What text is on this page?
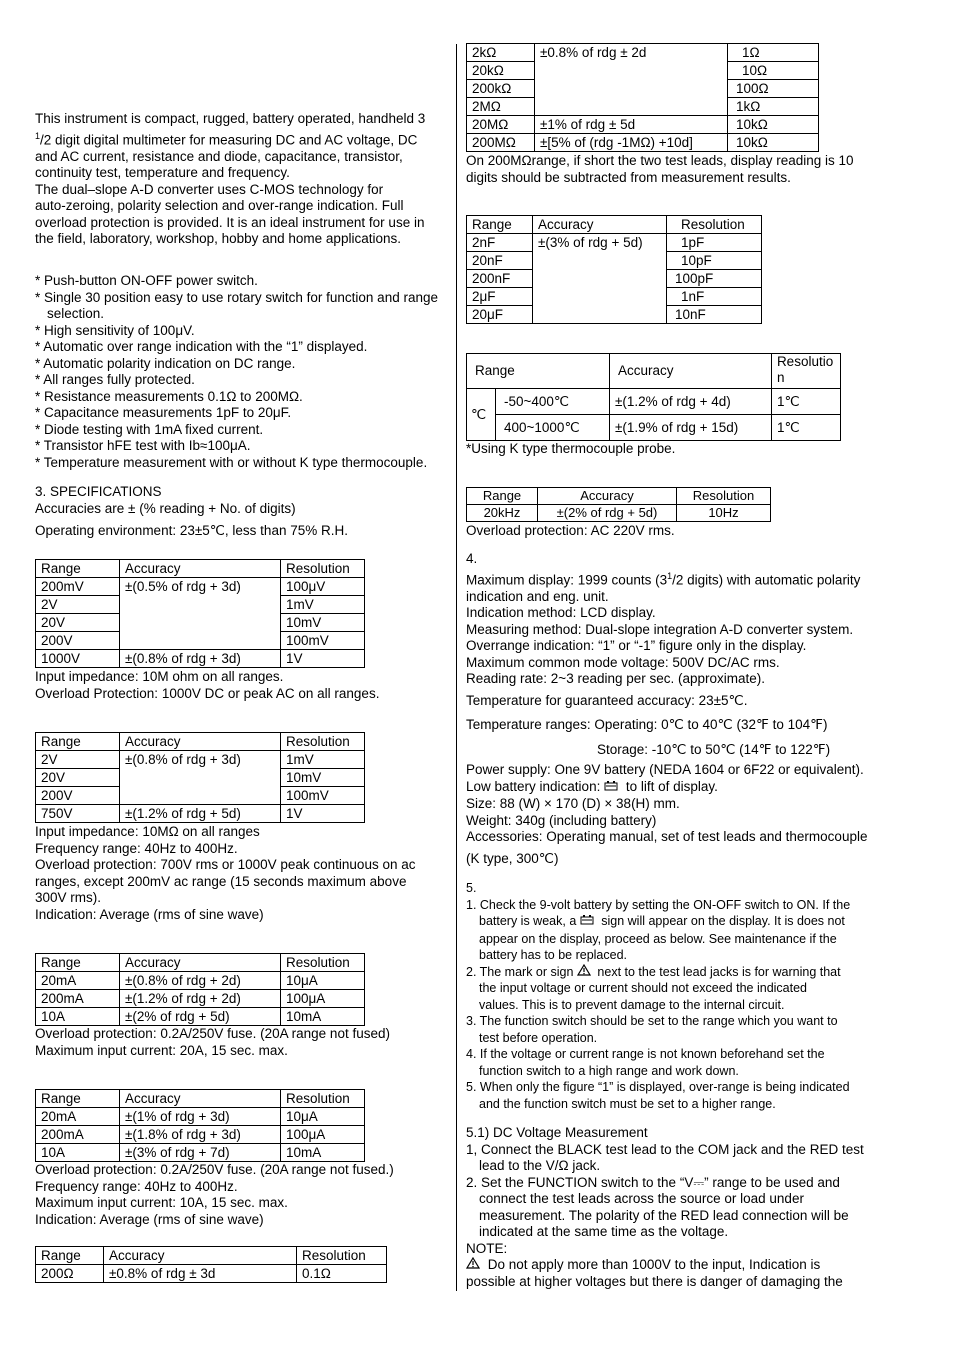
This instrument is compact, rugged, battery operated, handheld 3

$^1$/2 digit digital multimeter for measuring DC and AC voltage, DC

and AC current, resistance and diode, capacitance, transistor,

continuity test, temperature and frequency.

The dual–slope A-D converter uses C-MOS technology for

auto-zeroing, polarity selection and over-range indication. Full

overload protection is provided. It is an ideal instrument for use in

the field, laboratory, workshop, hobby and home applications.

* Push-button ON-OFF power switch.

* Single 30 position easy to use rotary switch for function and range

selection.

* High sensitivity of 100μV.

* Automatic over range indication with the “1” displayed.

* Automatic polarity indication on DC range.

* All ranges fully protected.

* Resistance measurements 0.1Ω to 200MΩ.

* Capacitance measurements 1pF to 20μF.

* Diode testing with 1mA fixed current.

* Transistor hFE test with Ib≈100μA.

* Temperature measurement with or without K type thermocouple.

3. SPECIFICATIONS

Accuracies are ± (% reading + No. of digits)

Operating environment: 23±5℃, less than 75% R.H.

Range	Accuracy	Resolution
200mV	±(0.5% of rdg + 3d)	100μV
2V		1mV
20V		10mV
200V		100mV
1000V	±(0.8% of rdg + 3d)	1V

Input impedance: 10M ohm on all ranges.

Overload Protection: 1000V DC or peak AC on all ranges.

Range	Accuracy	Resolution
2V	±(0.8% of rdg + 3d)	1mV
20V		10mV
200V		100mV
750V	±(1.2% of rdg + 5d)	1V

Input impedance: 10MΩ on all ranges

Frequency range: 40Hz to 400Hz.

Overload protection: 700V rms or 1000V peak continuous on ac

ranges, except 200mV ac range (15 seconds maximum above

300V rms).

Indication: Average (rms of sine wave)

Range	Accuracy	Resolution
20mA	±(0.8% of rdg + 2d)	10μA
200mA	±(1.2% of rdg + 2d)	100μA
10A	±(2% of rdg + 5d)	10mA

Overload protection: 0.2A/250V fuse. (20A range not fused)

Maximum input current: 20A, 15 sec. max.

Range	Accuracy	Resolution
20mA	±(1% of rdg + 3d)	10μA
200mA	±(1.8% of rdg + 3d)	100μA
10A	±(3% of rdg + 7d)	10mA

Overload protection: 0.2A/250V fuse. (20A range not fused.)

Frequency range: 40Hz to 400Hz.

Maximum input current: 10A, 15 sec. max.

Indication: Average (rms of sine wave)

Range	Accuracy	Resolution
200Ω	±0.8% of rdg ± 3d	0.1Ω
2kΩ	±0.8% of rdg ± 2d	1Ω
20kΩ		10Ω
200kΩ		100Ω
2MΩ		1kΩ
20MΩ	±1% of rdg ± 5d	10kΩ
200MΩ	±[5% of (rdg -1MΩ) +10d]	10kΩ

On 200MΩrange, if short the two test leads, display reading is 10

digits should be subtracted from measurement results.

Range	Accuracy	Resolution
2nF	±(3% of rdg + 5d)	1pF
20nF		10pF
200nF		100pF
2μF		1nF
20μF		10nF
Range		Accuracy	Resolutio
n

℃	-50~400℃	±(1.2% of rdg + 4d)	1℃
	400~1000℃	±(1.9% of rdg + 15d)	1℃

*Using K type thermocouple probe.

Range	Accuracy	Resolution
20kHz	±(2% of rdg + 5d)	10Hz

Overload protection: AC 220V rms.

4.

Maximum display: 1999 counts ($3^1/2$ digits) with automatic polarity

indication and eng. unit.

Indication method: LCD display.

Measuring method: Dual-slope integration A-D converter system.

Overrange indication: “1” or “-1” figure only in the display.

Maximum common mode voltage: 500V DC/AC rms.

Reading rate: 2~3 reading per sec. (approximate).

Temperature for guaranteed accuracy: 23±5℃.

Temperature ranges: Operating: 0℃ to 40℃ (32℉ to 104℉)

Storage: -10℃ to 50℃ (14℉ to 122℉)

Power supply: One 9V battery (NEDA 1604 or 6F22 or equivalent).

Low battery indication: to lift of display.

Size: 88 (W) × 170 (D) × 38(H) mm.

Weight: 340g (including battery)

Accessories: Operating manual, set of test leads and thermocouple

(K type, 300℃)

5.

1. Check the 9-volt battery by setting the ON-OFF switch to ON. If the

battery is weak, a sign will appear on the display. It is does not

appear on the display, proceed as below. See maintenance if the

battery has to be replaced.

2. The mark or sign next to the test lead jacks is for warning that

the input voltage or current should not exceed the indicated

values. This is to prevent damage to the internal circuit.

3. The function switch should be set to the range which you want to

test before operation.

4. If the voltage or current range is not known beforehand set the

function switch to a high range and work down.

5. When only the figure “1” is displayed, over-range is being indicated

and the function switch must be set to a higher range.

5.1) DC Voltage Measurement

1, Connect the BLACK test lead to the COM jack and the RED test

lead to the V/Ω jack.

2. Set the FUNCTION switch to the “V⎓” range to be used and

connect the test leads across the source or load under

measurement. The polarity of the RED lead connection will be

indicated at the same time as the voltage.

NOTE:

Do not apply more than 1000V to the input, Indication is

possible at higher voltages but there is danger of damaging the
